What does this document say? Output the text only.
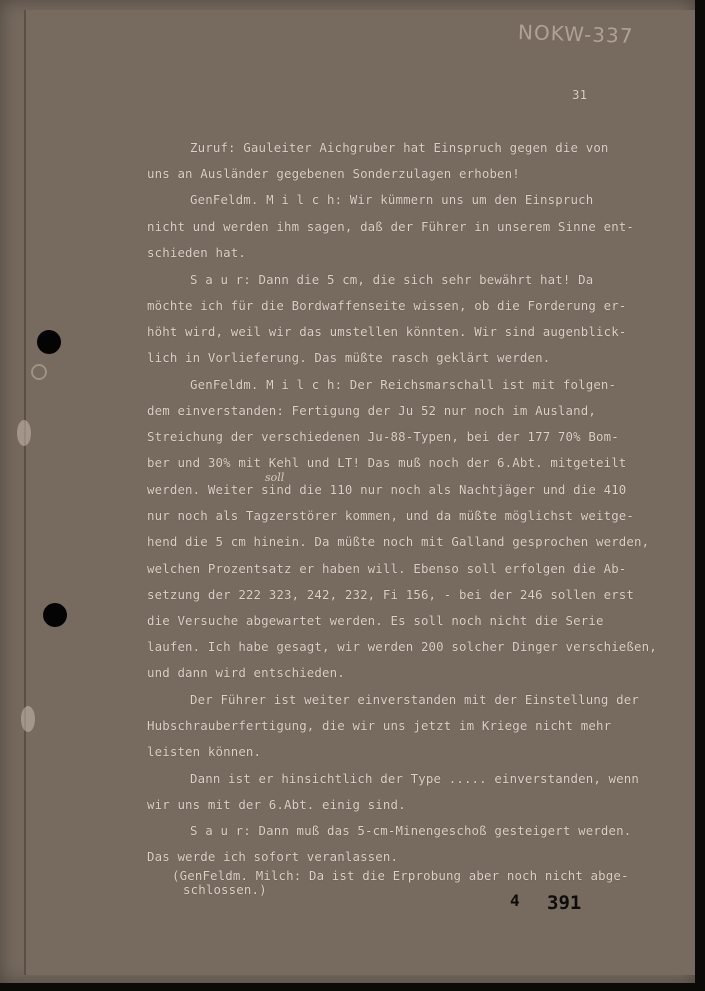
NOKW-337
31
Zuruf: Gauleiter Aichgruber hat Einspruch gegen die von
uns an Ausländer gegebenen Sonderzulagen erhoben!
GenFeldm. M i l c h: Wir kümmern uns um den Einspruch
nicht und werden ihm sagen, daß der Führer in unserem Sinne ent-
schieden hat.
S a u r: Dann die 5 cm, die sich sehr bewährt hat! Da
möchte ich für die Bordwaffenseite wissen, ob die Forderung er-
höht wird, weil wir das umstellen könnten. Wir sind augenblick-
lich in Vorlieferung. Das müßte rasch geklärt werden.
GenFeldm. M i l c h: Der Reichsmarschall ist mit folgen-
dem einverstanden: Fertigung der Ju 52 nur noch im Ausland,
Streichung der verschiedenen Ju-88-Typen, bei der 177 70% Bom-
ber und 30% mit Kehl und LT! Das muß noch der 6.Abt. mitgeteilt
werden. Weiter sind die 110 nur noch als Nachtjäger und die 410
soll
nur noch als Tagzerstörer kommen, und da müßte möglichst weitge-
hend die 5 cm hinein. Da müßte noch mit Galland gesprochen werden,
welchen Prozentsatz er haben will. Ebenso soll erfolgen die Ab-
setzung der 222 323, 242, 232, Fi 156, - bei der 246 sollen erst
die Versuche abgewartet werden. Es soll noch nicht die Serie
laufen. Ich habe gesagt, wir werden 200 solcher Dinger verschießen,
und dann wird entschieden.
Der Führer ist weiter einverstanden mit der Einstellung der
Hubschrauberfertigung, die wir uns jetzt im Kriege nicht mehr
leisten können.
Dann ist er hinsichtlich der Type ..... einverstanden, wenn
wir uns mit der 6.Abt. einig sind.
S a u r: Dann muß das 5-cm-Minengeschoß gesteigert werden.
Das werde ich sofort veranlassen.
(GenFeldm. Milch: Da ist die Erprobung aber noch nicht abge-
schlossen.)
4 391
